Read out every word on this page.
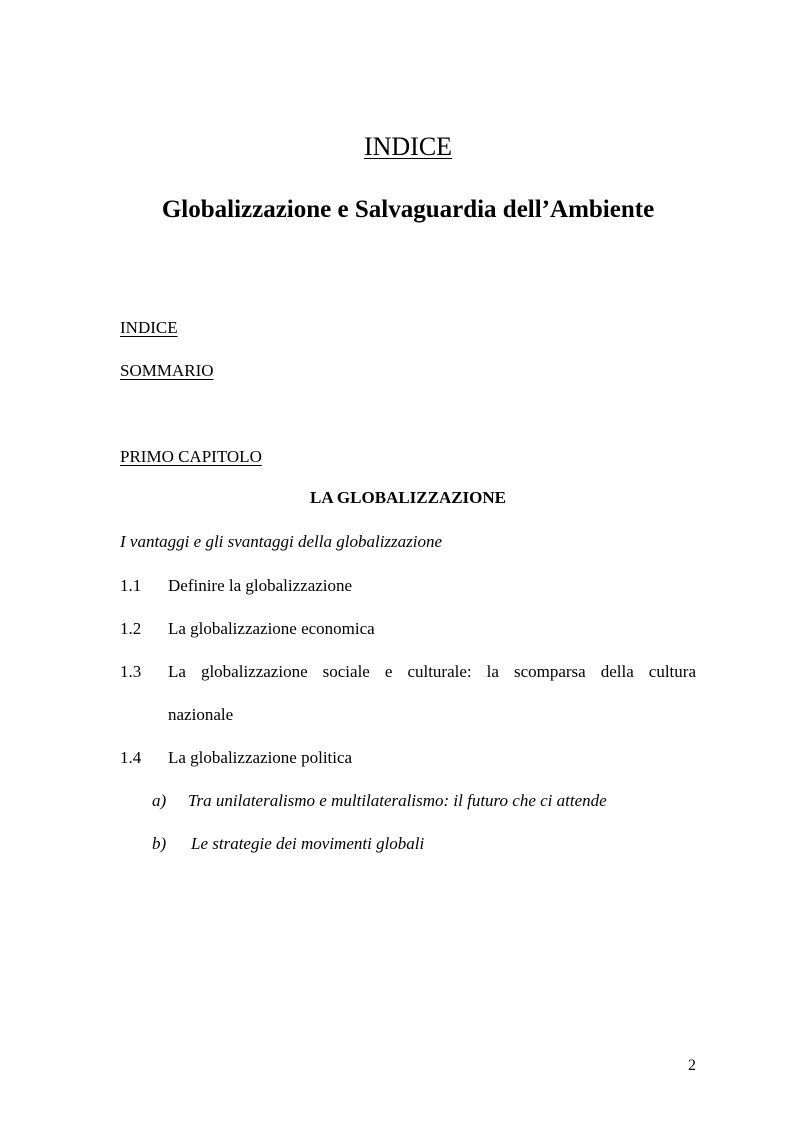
INDICE
Globalizzazione e Salvaguardia dell’Ambiente
INDICE
SOMMARIO
PRIMO CAPITOLO
LA GLOBALIZZAZIONE
I vantaggi e gli svantaggi della globalizzazione
1.1 Definire la globalizzazione
1.2 La globalizzazione economica
1.3	La globalizzazione sociale e culturale: la scomparsa della cultura
nazionale
1.4 La globalizzazione politica
a) Tra unilateralismo e multilateralismo: il futuro che ci attende
b) Le strategie dei movimenti globali
2
